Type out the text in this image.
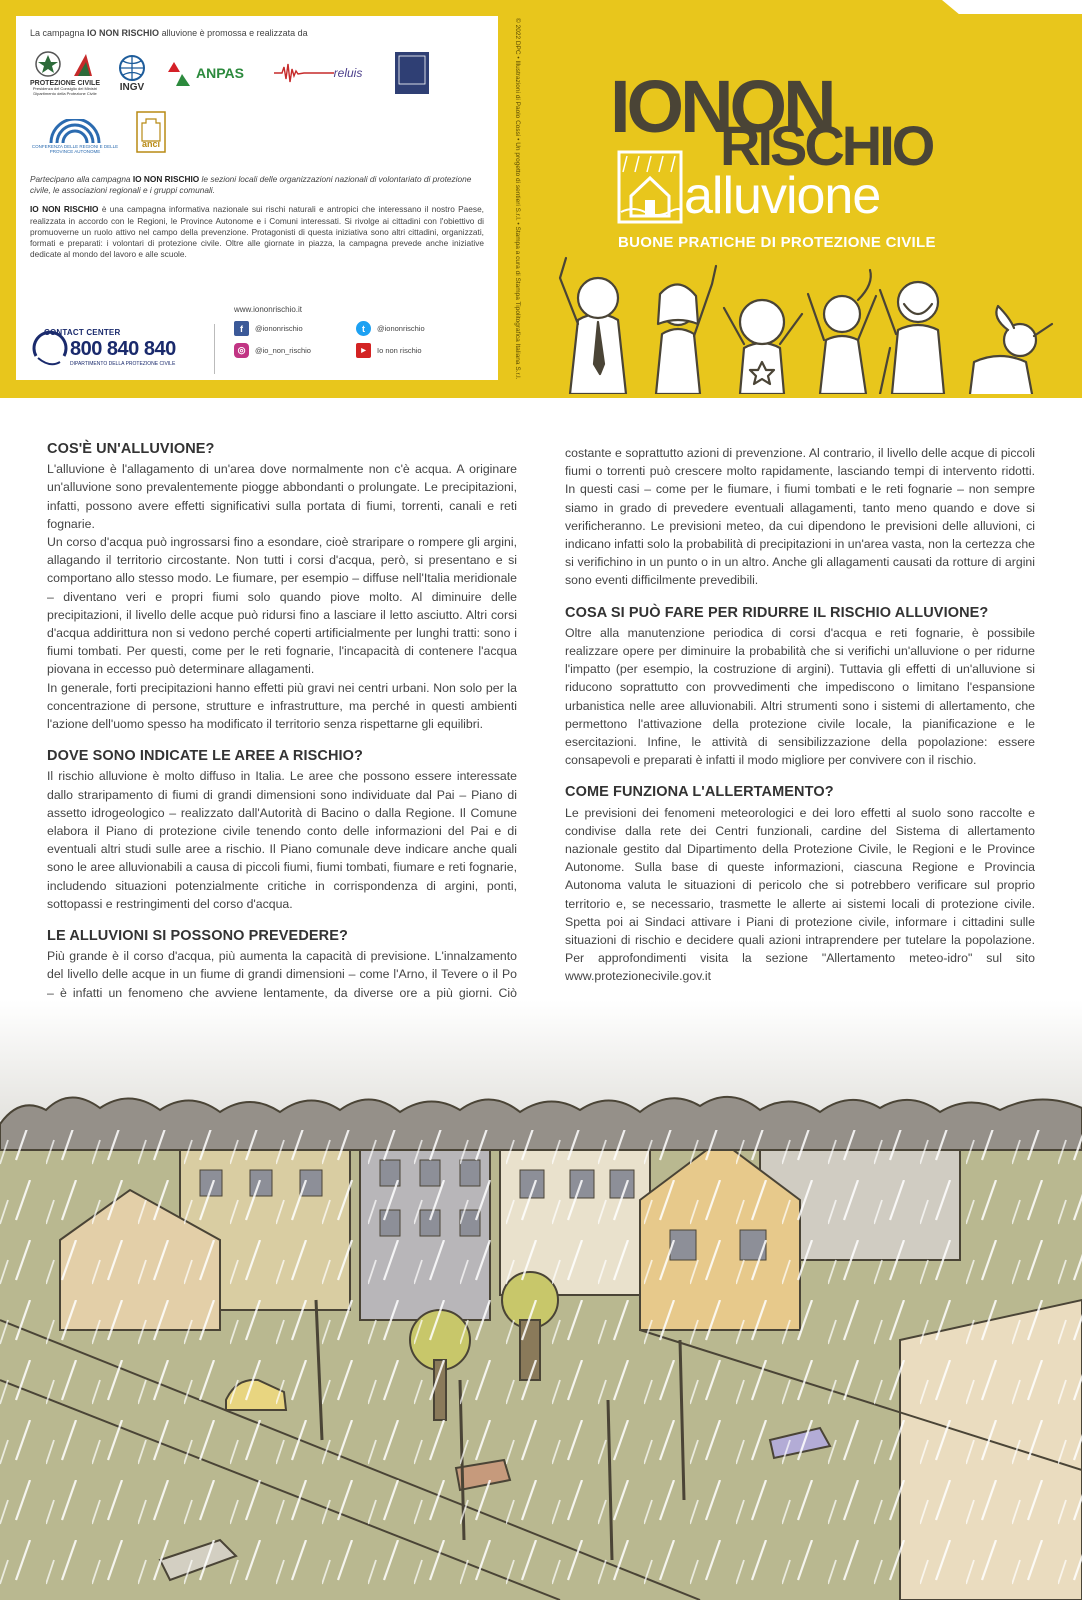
La campagna IO NON RISCHIO alluvione è promossa e realizzata da
PROTEZIONE CIVILE
Presidenza del Consiglio dei Ministri Dipartimento della Protezione Civile
INGV
ANPAS	reluis
CONFERENZA DELLE REGIONI E DELLE PROVINCE AUTONOME
anci
Partecipano alla campagna IO NON RISCHIO le sezioni locali delle organizzazioni nazionali di volontariato di protezione civile, le associazioni regionali e i gruppi comunali.
IO NON RISCHIO è una campagna informativa nazionale sui rischi naturali e antropici che interessano il nostro Paese, realizzata in accordo con le Regioni, le Province Autonome e i Comuni interessati. Si rivolge ai cittadini con l'obiettivo di promuoverne un ruolo attivo nel campo della prevenzione. Protagonisti di questa iniziativa sono altri cittadini, organizzati, formati e preparati: i volontari di protezione civile. Oltre alle giornate in piazza, la campagna prevede anche iniziative dedicate al mondo del lavoro e alle scuole.
www.iononrischio.it
CONTACT CENTER
800 840 840
DIPARTIMENTO DELLA PROTEZIONE CIVILE
f	@iononrischio	t	@iononrischio
◎	@io_non_rischio	▶	Io non rischio	© 2022 DPC • Illustrazioni di Paolo Cossi • Un progetto di sentieri S.r.l. • Stampa a cura di Stampa Tipolitografica Italiana S.r.l. IONON
RISCHIO
alluvione
BUONE PRATICHE DI PROTEZIONE CIVILE
COS'È UN'ALLUVIONE?

L'alluvione è l'allagamento di un'area dove normalmente non c'è acqua. A originare un'alluvione sono prevalentemente piogge abbondanti o prolungate. Le precipitazioni, infatti, possono avere effetti significativi sulla portata di fiumi, torrenti, canali e reti fognarie.

Un corso d'acqua può ingrossarsi fino a esondare, cioè straripare o rompere gli argini, allagando il territorio circostante. Non tutti i corsi d'acqua, però, si presentano e si comportano allo stesso modo. Le fiumare, per esempio – diffuse nell'Italia meridionale – diventano veri e propri fiumi solo quando piove molto. Al diminuire delle precipitazioni, il livello delle acque può ridursi fino a lasciare il letto asciutto. Altri corsi d'acqua addirittura non si vedono perché coperti artificialmente per lunghi tratti: sono i fiumi tombati. Per questi, come per le reti fognarie, l'incapacità di contenere l'acqua piovana in eccesso può determinare allagamenti.

In generale, forti precipitazioni hanno effetti più gravi nei centri urbani. Non solo per la concentrazione di persone, strutture e infrastrutture, ma perché in questi ambienti l'azione dell'uomo spesso ha modificato il territorio senza rispettarne gli equilibri.

DOVE SONO INDICATE LE AREE A RISCHIO?

Il rischio alluvione è molto diffuso in Italia. Le aree che possono essere interessate dallo straripamento di fiumi di grandi dimensioni sono individuate dal Pai – Piano di assetto idrogeologico – realizzato dall'Autorità di Bacino o dalla Regione. Il Comune elabora il Piano di protezione civile tenendo conto delle informazioni del Pai e di eventuali altri studi sulle aree a rischio. Il Piano comunale deve indicare anche quali sono le aree alluvionabili a causa di piccoli fiumi, fiumi tombati, fiumare e reti fognarie, includendo situazioni potenzialmente critiche in corrispondenza di argini, ponti, sottopassi e restringimenti del corso d'acqua.

LE ALLUVIONI SI POSSONO PREVEDERE?

Più grande è il corso d'acqua, più aumenta la capacità di previsione. L'innalzamento del livello delle acque in un fiume di grandi dimensioni – come l'Arno, il Tevere o il Po – è infatti un fenomeno che avviene lentamente, da diverse ore a più giorni. Ciò

costante e soprattutto azioni di prevenzione. Al contrario, il livello delle acque di piccoli fiumi o torrenti può crescere molto rapidamente, lasciando tempi di intervento ridotti. In questi casi – come per le fiumare, i fiumi tombati e le reti fognarie – non sempre siamo in grado di prevedere eventuali allagamenti, tanto meno quando e dove si verificheranno. Le previsioni meteo, da cui dipendono le previsioni delle alluvioni, ci indicano infatti solo la probabilità di precipitazioni in un'area vasta, non la certezza che si verifichino in un punto o in un altro. Anche gli allagamenti causati da rotture di argini sono eventi difficilmente prevedibili.

COSA SI PUÒ FARE PER RIDURRE IL RISCHIO ALLUVIONE?

Oltre alla manutenzione periodica di corsi d'acqua e reti fognarie, è possibile realizzare opere per diminuire la probabilità che si verifichi un'alluvione o per ridurne l'impatto (per esempio, la costruzione di argini). Tuttavia gli effetti di un'alluvione si riducono soprattutto con provvedimenti che impediscono o limitano l'espansione urbanistica nelle aree alluvionabili. Altri strumenti sono i sistemi di allertamento, che permettono l'attivazione della protezione civile locale, la pianificazione e le esercitazioni. Infine, le attività di sensibilizzazione della popolazione: essere consapevoli e preparati è infatti il modo migliore per convivere con il rischio.

COME FUNZIONA L'ALLERTAMENTO?

Le previsioni dei fenomeni meteorologici e dei loro effetti al suolo sono raccolte e condivise dalla rete dei Centri funzionali, cardine del Sistema di allertamento nazionale gestito dal Dipartimento della Protezione Civile, le Regioni e le Province Autonome. Sulla base di queste informazioni, ciascuna Regione e Provincia Autonoma valuta le situazioni di pericolo che si potrebbero verificare sul proprio territorio e, se necessario, trasmette le allerte ai sistemi locali di protezione civile. Spetta poi ai Sindaci attivare i Piani di protezione civile, informare i cittadini sulle situazioni di rischio e decidere quali azioni intraprendere per tutelare la popolazione. Per approfondimenti visita la sezione "Allertamento meteo-idro" sul sito www.protezionecivile.gov.it
